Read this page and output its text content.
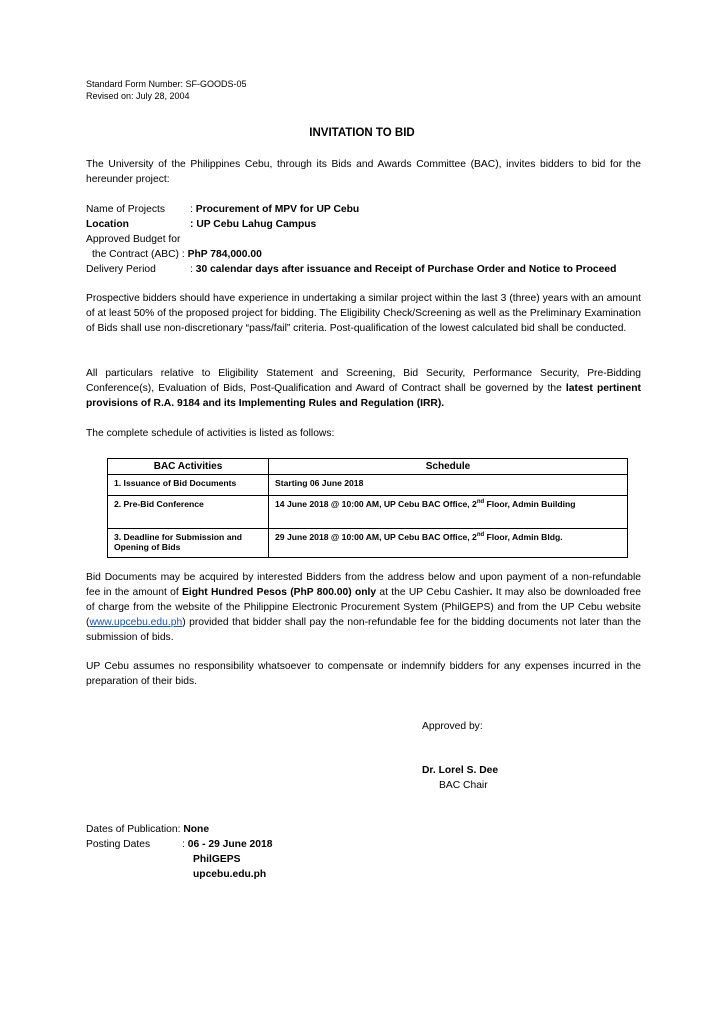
Standard Form Number: SF-GOODS-05
Revised on: July 28, 2004
INVITATION TO BID
The University of the Philippines Cebu, through its Bids and Awards Committee (BAC), invites bidders to bid for the hereunder project:
Name of Projects : Procurement of MPV for UP Cebu
Location	: UP Cebu Lahug Campus
Approved Budget for
the Contract (ABC) : PhP 784,000.00
Delivery Period	: 30 calendar days after issuance and Receipt of Purchase Order and Notice to Proceed
Prospective bidders should have experience in undertaking a similar project within the last 3 (three) years with an amount of at least 50% of the proposed project for bidding. The Eligibility Check/Screening as well as the Preliminary Examination of Bids shall use non-discretionary “pass/fail” criteria. Post-qualification of the lowest calculated bid shall be conducted.
All particulars relative to Eligibility Statement and Screening, Bid Security, Performance Security, Pre-Bidding Conference(s), Evaluation of Bids, Post-Qualification and Award of Contract shall be governed by the latest pertinent provisions of R.A. 9184 and its Implementing Rules and Regulation (IRR).
The complete schedule of activities is listed as follows:
BAC Activities	Schedule
1. Issuance of Bid Documents	Starting 06 June 2018
2. Pre-Bid Conference	14 June 2018 @ 10:00 AM, UP Cebu BAC Office, 2nd Floor, Admin Building
3. Deadline for Submission and Opening of Bids	29 June 2018 @ 10:00 AM, UP Cebu BAC Office, 2nd Floor, Admin Bldg.
Bid Documents may be acquired by interested Bidders from the address below and upon payment of a non-refundable fee in the amount of Eight Hundred Pesos (PhP 800.00) only at the UP Cebu Cashier. It may also be downloaded free of charge from the website of the Philippine Electronic Procurement System (PhilGEPS) and from the UP Cebu website (www.upcebu.edu.ph) provided that bidder shall pay the non-refundable fee for the bidding documents not later than the submission of bids.
UP Cebu assumes no responsibility whatsoever to compensate or indemnify bidders for any expenses incurred in the preparation of their bids.
Approved by:
Dr. Lorel S. Dee
BAC Chair
Dates of Publication: None
Posting Dates	: 06 - 29 June 2018
PhilGEPS
upcebu.edu.ph
